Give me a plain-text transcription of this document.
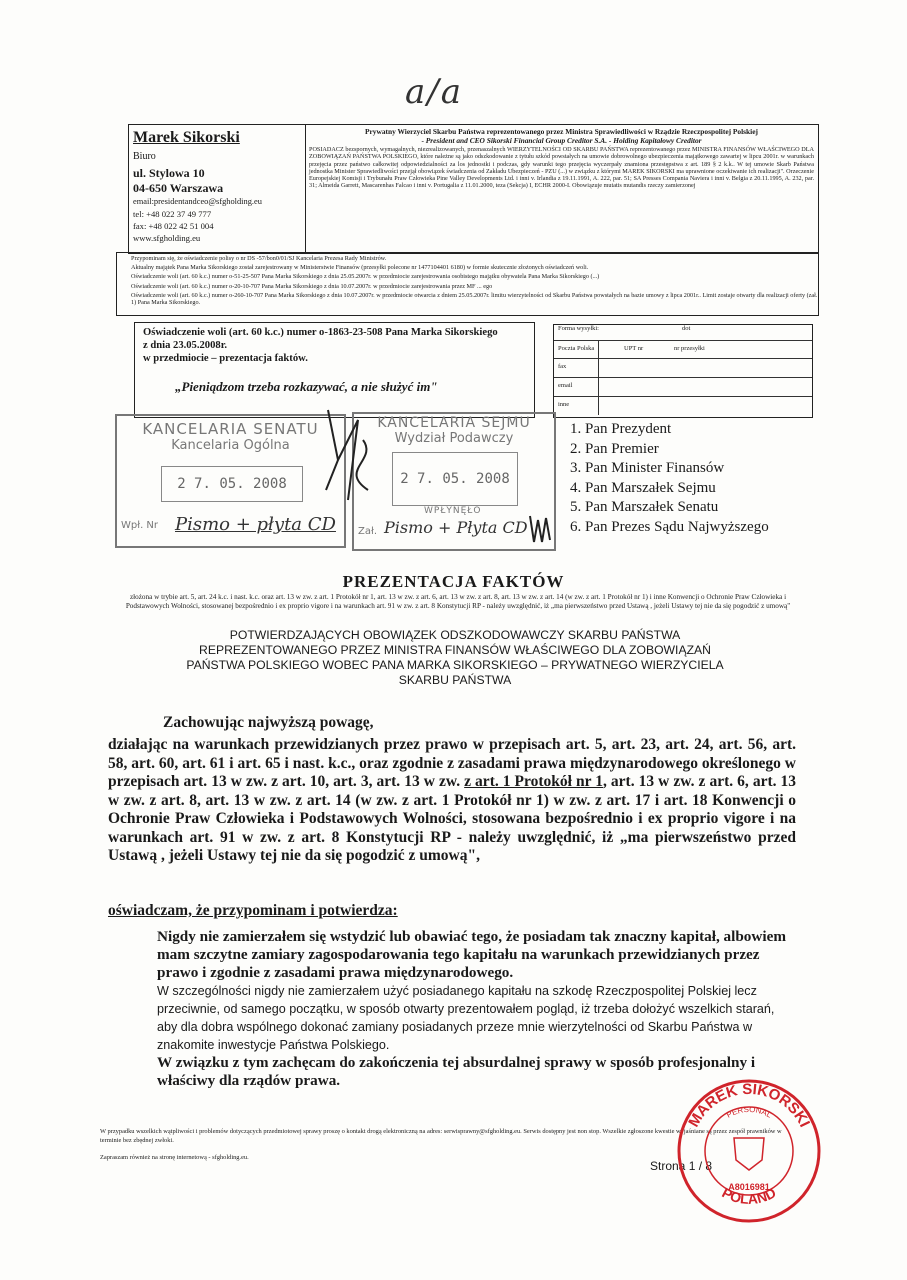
a/a
Marek Sikorski
Biuro
ul. Stylowa 10
04-650 Warszawa
email:presidentandceo@sfgholding.eu
tel: +48 022 37 49 777
fax: +48 022 42 51 004
www.sfgholding.eu
Prywatny Wierzyciel Skarbu Państwa reprezentowanego przez Ministra Sprawiedliwości w Rządzie Rzeczpospolitej Polskiej
- President and CEO Sikorski Financial Group Creditor S.A. - Holding Kapitałowy Creditor
POSIADACZ bezspornych, wymagalnych, niezrealizowanych, przenaszalnych WIERZYTELNOŚCI OD SKARBU PAŃSTWA reprezentowanego przez MINISTRA FINANSÓW WŁAŚCIWEGO DLA ZOBOWIĄZAŃ PAŃSTWA POLSKIEGO, które należne są jako odszkodowanie z tytułu szkód powstałych na umowie dobrowolnego ubezpieczenia majątkowego zawartej w lipcu 2001r. w warunkach przejęcia przez państwo całkowitej odpowiedzialności za los jednostki i podczas, gdy warunki tego przejęcia wyczerpały znamiona przestępstwa z art. 189 § 2 k.k.. W tej umowie Skarb Państwa jednostka Minister Sprawiedliwości przejął obowiązek świadczenia od Zakładu Ubezpieczeń - PZU (...) w związku z którymi MAREK SIKORSKI ma uprawnione oczekiwanie ich realizacji". Orzeczenie Europejskiej Komisji i Trybunału Praw Człowieka Pine Valley Developments Ltd. i inni v. Irlandia z 19.11.1991, A. 222, par. 51; SA Presses Compania Naviera i inni v. Belgia z 20.11.1995, A. 232, par. 31; Almeida Garrett, Mascarenhas Falcao i inni v. Portugalia z 11.01.2000, teza (Sekcja) I, ECHR 2000-I. Obowiązuje mutatis mutandis rzeczy zamierzonej
Przypominam się, że oświadczenie polisy o nr DS -57/bon0/01/SJ Kancelaria Prezesa Rady Ministrów.
Aktualny majątek Pana Marka Sikorskiego został zarejestrowany w Ministerstwie Finansów (przesyłki polecone nr 1477104401 6180) w formie skutecznie złożonych oświadczeń woli.
Oświadczenie woli (art. 60 k.c.) numer o-51-25-507 Pana Marka Sikorskiego z dnia 25.05.2007r. w przedmiocie zarejestrowania osobistego majątku obywatela Pana Marka Sikorskiego (...)
Oświadczenie woli (art. 60 k.c.) numer o-20-10-707 Pana Marka Sikorskiego z dnia 10.07.2007r. w przedmiocie zarejestrowania przez MF ... ego
Oświadczenie woli (art. 60 k.c.) numer o-260-10-707 Pana Marka Sikorskiego z dnia 10.07.2007r. w przedmiocie otwarcia z dniem 25.05.2007r. limitu wierzytelności od Skarbu Państwa powstałych na bazie umowy z lipca 2001r.. Limit zostaje otwarty dla realizacji oferty (zał. 1) Pana Marka Sikorskiego.
Oświadczenie woli (art. 60 k.c.) numer o-1863-23-508 Pana Marka Sikorskiego
z dnia 23.05.2008r.
w przedmiocie – prezentacja faktów.
„Pieniądzom trzeba rozkazywać, a nie służyć im"
Forma wysyłki:	dot
Poczta Polska	UPT nr	nr przesyłki
fax
email
inne
KANCELARIA SENATU
Kancelaria Ogólna
2 7. 05. 2008
Wpł. Nr Pismo + płyta CD
KANCELARIA SEJMU
Wydział Podawczy
2 7. 05. 2008
WPŁYNĘŁO
Zał. Pismo + Płyta CD
1. Pan Prezydent
2. Pan Premier
3. Pan Minister Finansów
4. Pan Marszałek Sejmu
5. Pan Marszałek Senatu
6. Pan Prezes Sądu Najwyższego
PREZENTACJA FAKTÓW
złożona w trybie art. 5, art. 24 k.c. i nast. k.c. oraz art. 13 w zw. z art. 1 Protokół nr 1, art. 13 w zw. z art. 6, art. 13 w zw. z art. 8, art. 13 w zw. z art. 14 (w zw. z art. 1 Protokół nr 1) i inne Konwencji o Ochronie Praw Człowieka i Podstawowych Wolności, stosowanej bezpośrednio i ex proprio vigore i na warunkach art. 91 w zw. z art. 8 Konstytucji RP - należy uwzględnić, iż „ma pierwszeństwo przed Ustawą , jeżeli Ustawy tej nie da się pogodzić z umową"
POTWIERDZAJĄCYCH OBOWIĄZEK ODSZKODOWAWCZY SKARBU PAŃSTWA
REPREZENTOWANEGO PRZEZ MINISTRA FINANSÓW WŁAŚCIWEGO DLA ZOBOWIĄZAŃ
PAŃSTWA POLSKIEGO WOBEC PANA MARKA SIKORSKIEGO – PRYWATNEGO WIERZYCIELA
SKARBU PAŃSTWA
Zachowując najwyższą powagę,
działając na warunkach przewidzianych przez prawo w przepisach art. 5, art. 23, art. 24, art. 56, art. 58, art. 60, art. 61 i art. 65 i nast. k.c., oraz zgodnie z zasadami prawa międzynarodowego określonego w przepisach art. 13 w zw. z art. 10, art. 3, art. 13 w zw. z art. 1 Protokół nr 1, art. 13 w zw. z art. 6, art. 13 w zw. z art. 8, art. 13 w zw. z art. 14 (w zw. z art. 1 Protokół nr 1) w zw. z art. 17 i art. 18 Konwencji o Ochronie Praw Człowieka i Podstawowych Wolności, stosowana bezpośrednio i ex proprio vigore i na warunkach art. 91 w zw. z art. 8 Konstytucji RP - należy uwzględnić, iż „ma pierwszeństwo przed Ustawą , jeżeli Ustawy tej nie da się pogodzić z umową",
oświadczam, że przypominam i potwierdza:
Nigdy nie zamierzałem się wstydzić lub obawiać tego, że posiadam tak znaczny kapitał, albowiem mam szczytne zamiary zagospodarowania tego kapitału na warunkach przewidzianych przez prawo i zgodnie z zasadami prawa międzynarodowego.
W szczególności nigdy nie zamierzałem użyć posiadanego kapitału na szkodę Rzeczpospolitej Polskiej lecz przeciwnie, od samego początku, w sposób otwarty prezentowałem pogląd, iż trzeba dołożyć wszelkich starań, aby dla dobra wspólnego dokonać zamiany posiadanych przeze mnie wierzytelności od Skarbu Państwa w znakomite inwestycje Państwa Polskiego.
W związku z tym zachęcam do zakończenia tej absurdalnej sprawy w sposób profesjonalny i właściwy dla rządów prawa.
W przypadku wszelkich wątpliwości i problemów dotyczących przedmiotowej sprawy proszę o kontakt drogą elektroniczną na adres: serwisprawny@sfgholding.eu. Serwis dostępny jest non stop. Wszelkie zgłoszone kwestie wyjaśniane są przez zespół prawników w terminie bez zbędnej zwłoki.
Zapraszam również na stronę internetową - sfgholding.eu.
Strona 1 / 8
MAREK SIKORSKI
POLAND
PERSONAL
A8016981
